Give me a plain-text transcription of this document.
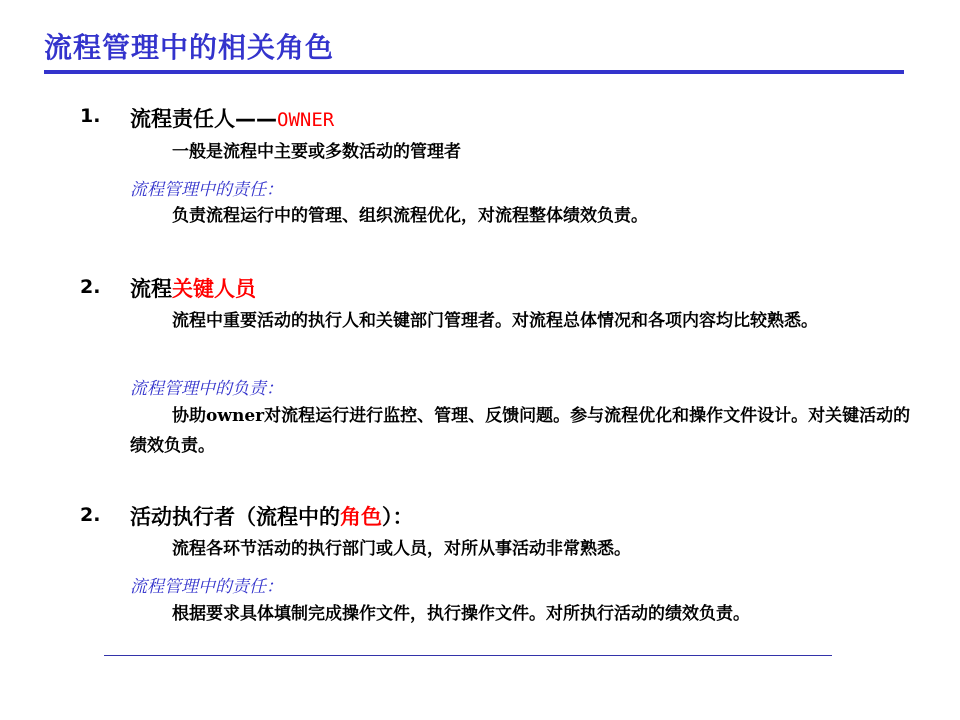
流程管理中的相关角色
1. 流程责任人——OWNER
一般是流程中主要或多数活动的管理者
流程管理中的责任：
负责流程运行中的管理、组织流程优化，对流程整体绩效负责。
2. 流程关键人员
流程中重要活动的执行人和关键部门管理者。对流程总体情况和各项内容均比较熟悉。
流程管理中的负责：
协助owner对流程运行进行监控、管理、反馈问题。参与流程优化和操作文件设计。对关键活动的绩效负责。
2. 活动执行者（流程中的角色）：
流程各环节活动的执行部门或人员，对所从事活动非常熟悉。
流程管理中的责任：
根据要求具体填制完成操作文件，执行操作文件。对所执行活动的绩效负责。
